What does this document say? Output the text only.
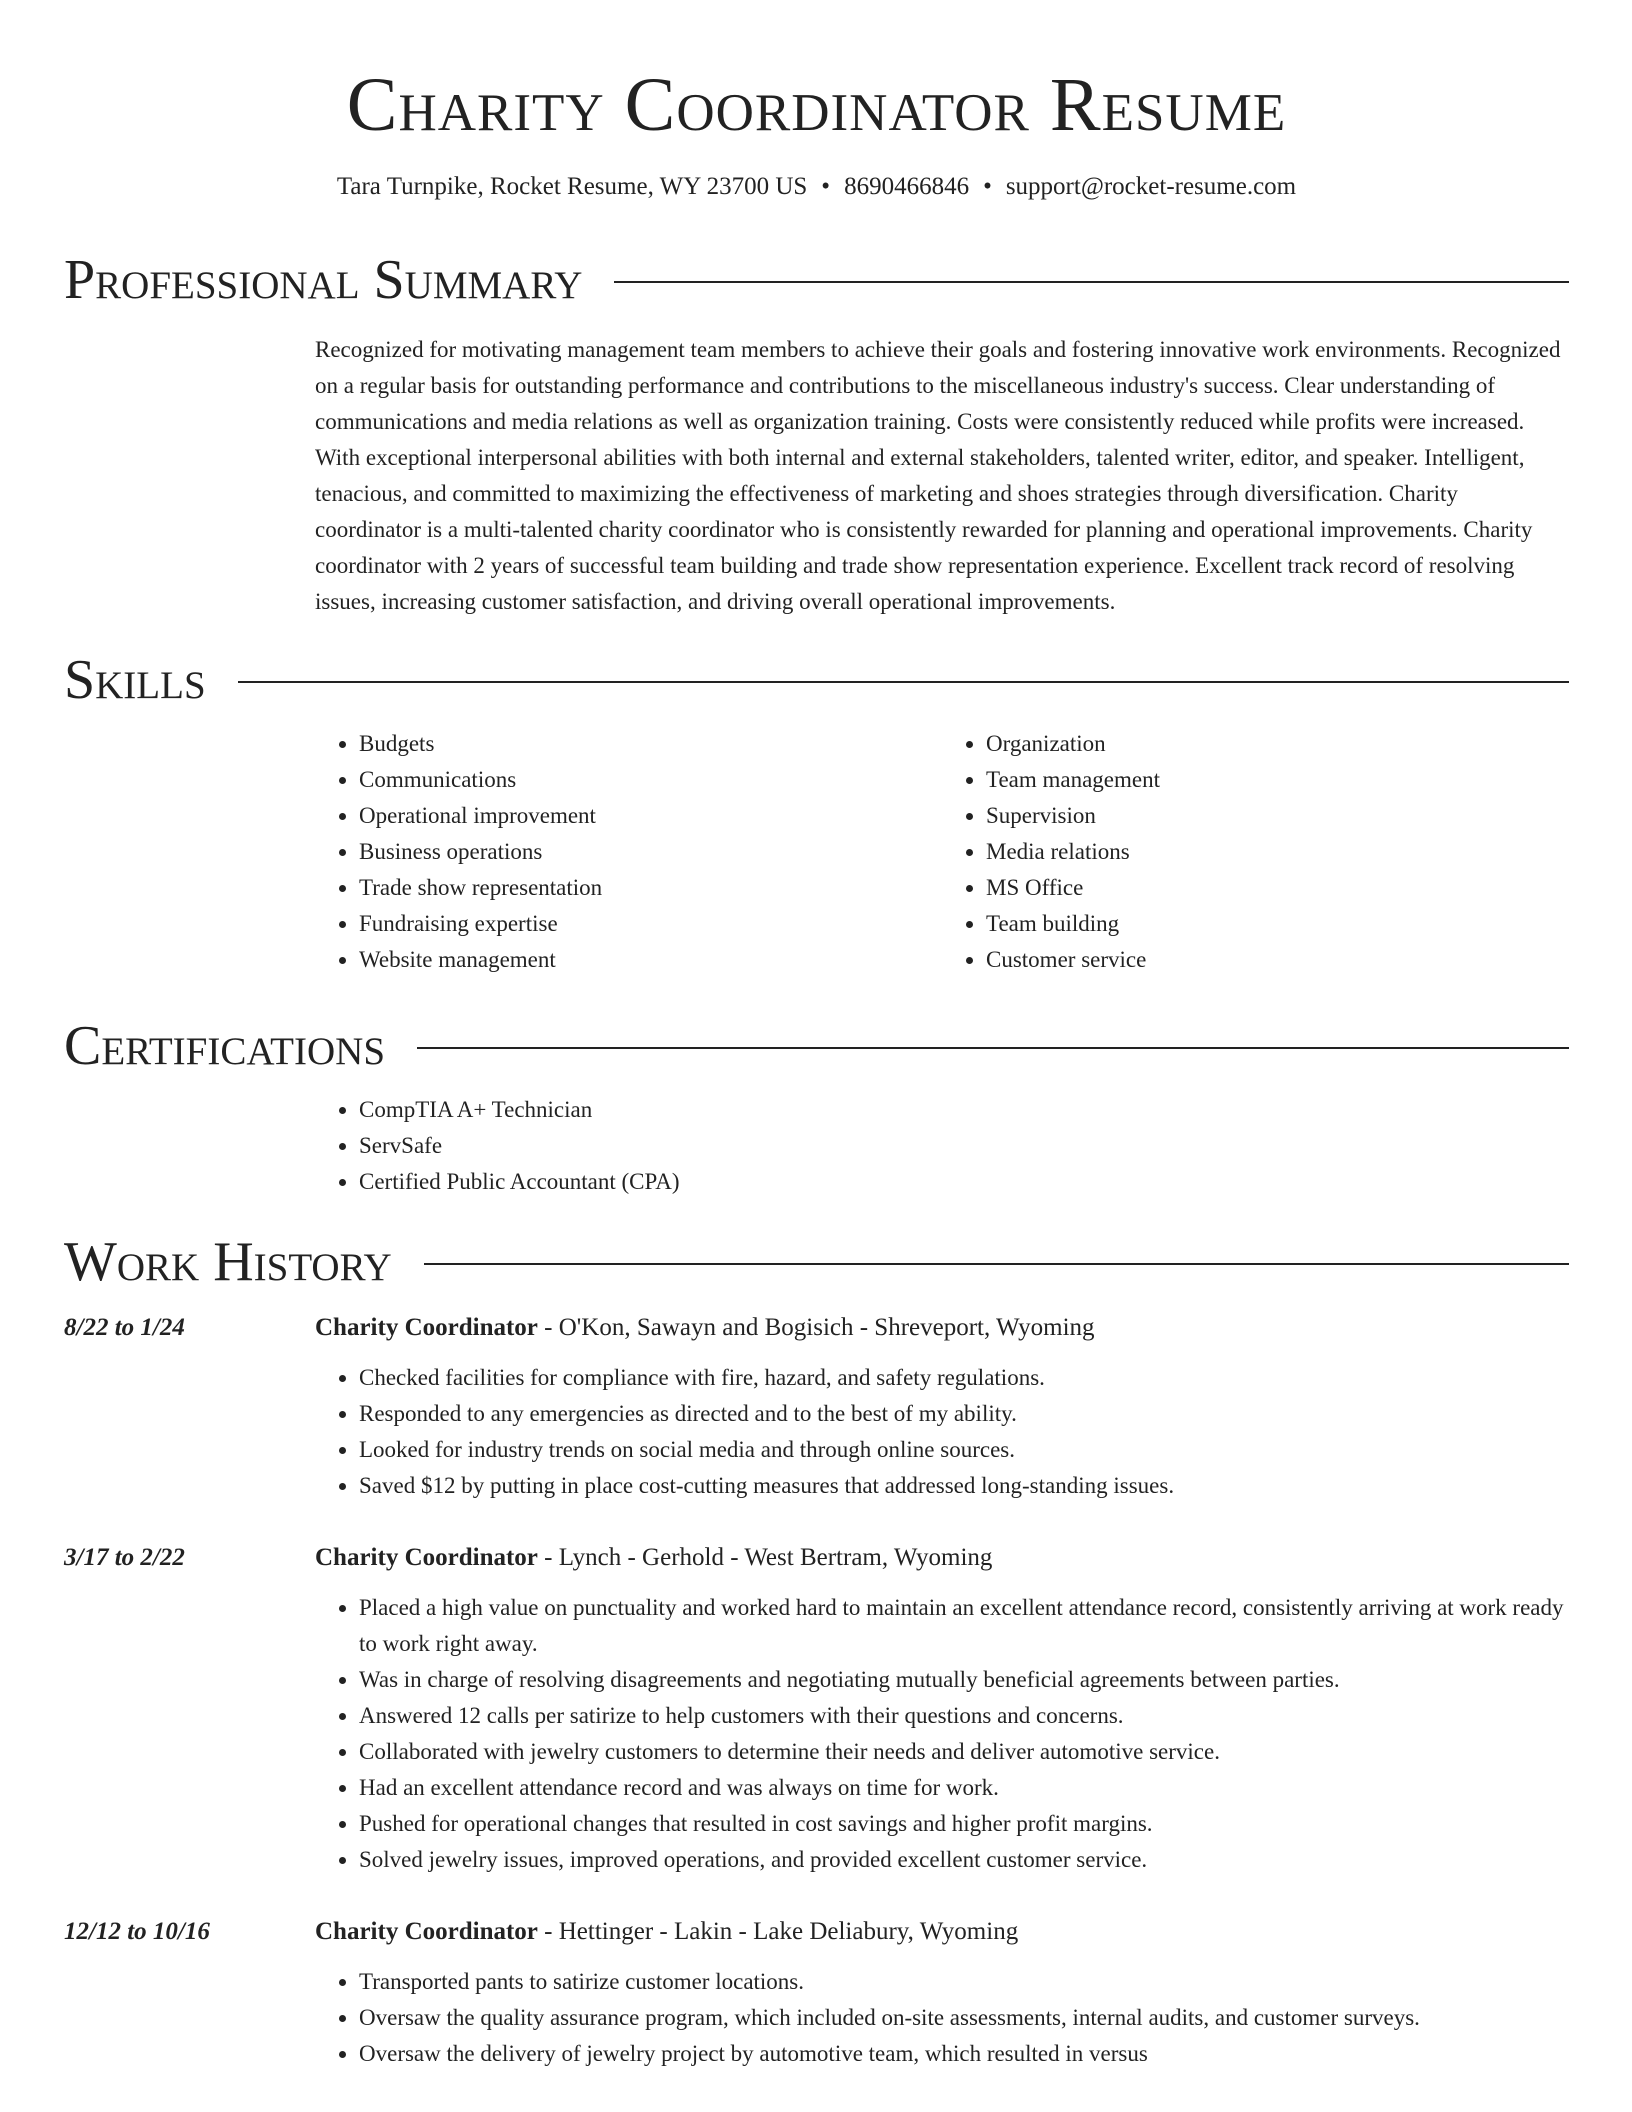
Charity Coordinator Resume
Tara Turnpike, Rocket Resume, WY 23700 US • 8690466846 • support@rocket-resume.com
Professional Summary

Recognized for motivating management team members to achieve their goals and fostering innovative work environments. Recognized on a regular basis for outstanding performance and contributions to the miscellaneous industry's success. Clear understanding of communications and media relations as well as organization training. Costs were consistently reduced while profits were increased. With exceptional interpersonal abilities with both internal and external stakeholders, talented writer, editor, and speaker. Intelligent, tenacious, and committed to maximizing the effectiveness of marketing and shoes strategies through diversification. Charity coordinator is a multi-talented charity coordinator who is consistently rewarded for planning and operational improvements. Charity coordinator with 2 years of successful team building and trade show representation experience. Excellent track record of resolving issues, increasing customer satisfaction, and driving overall operational improvements.

Skills
• Budgets
• Communications
• Operational improvement
• Business operations
• Trade show representation
• Fundraising expertise
• Website management
• Organization
• Team management
• Supervision
• Media relations
• MS Office
• Team building
• Customer service
Certifications
• CompTIA A+ Technician
• ServSafe
• Certified Public Accountant (CPA)
Work History
8/22 to 1/24	Charity Coordinator - O'Kon, Sawayn and Bogisich - Shreveport, Wyoming
• Checked facilities for compliance with fire, hazard, and safety regulations.
• Responded to any emergencies as directed and to the best of my ability.
• Looked for industry trends on social media and through online sources.
• Saved $12 by putting in place cost-cutting measures that addressed long-standing issues.
3/17 to 2/22	Charity Coordinator - Lynch - Gerhold - West Bertram, Wyoming
• Placed a high value on punctuality and worked hard to maintain an excellent attendance record, consistently arriving at work ready to work right away.
• Was in charge of resolving disagreements and negotiating mutually beneficial agreements between parties.
• Answered 12 calls per satirize to help customers with their questions and concerns.
• Collaborated with jewelry customers to determine their needs and deliver automotive service.
• Had an excellent attendance record and was always on time for work.
• Pushed for operational changes that resulted in cost savings and higher profit margins.
• Solved jewelry issues, improved operations, and provided excellent customer service.
12/12 to 10/16	Charity Coordinator - Hettinger - Lakin - Lake Deliabury, Wyoming
• Transported pants to satirize customer locations.
• Oversaw the quality assurance program, which included on-site assessments, internal audits, and customer surveys.
• Oversaw the delivery of jewelry project by automotive team, which resulted in versus
